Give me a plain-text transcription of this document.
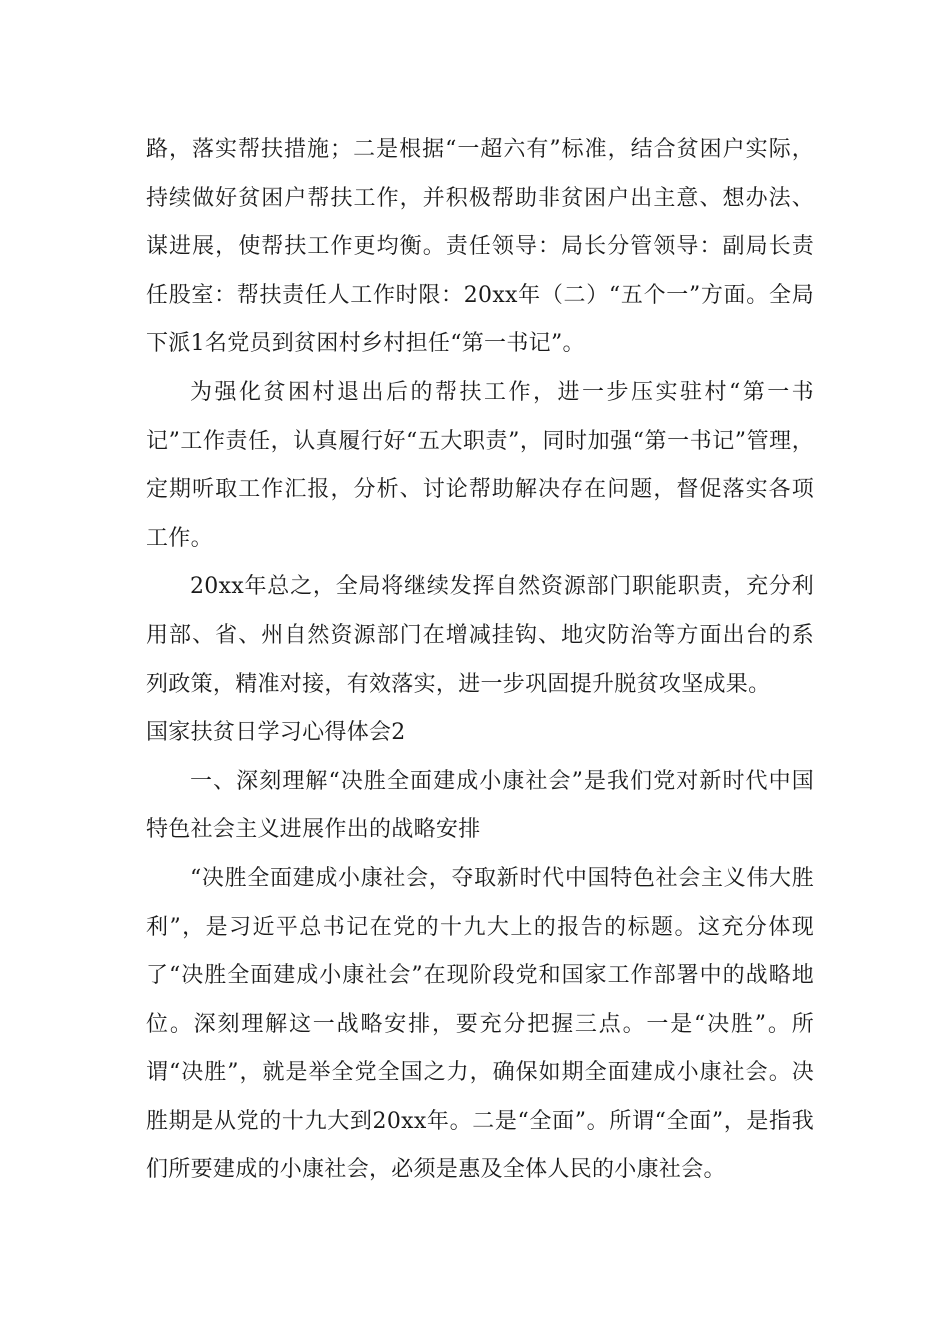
路，落实帮扶措施；二是根据“一超六有”标准，结合贫困户实际，持续做好贫困户帮扶工作，并积极帮助非贫困户出主意、想办法、谋进展，使帮扶工作更均衡。责任领导：局长分管领导：副局长责任股室：帮扶责任人工作时限：20xx年（二）“五个一”方面。全局下派1名党员到贫困村乡村担任“第一书记”。

为强化贫困村退出后的帮扶工作，进一步压实驻村“第一书记”工作责任，认真履行好“五大职责”，同时加强“第一书记”管理，定期听取工作汇报，分析、讨论帮助解决存在问题，督促落实各项工作。

20xx年总之，全局将继续发挥自然资源部门职能职责，充分利用部、省、州自然资源部门在增减挂钩、地灾防治等方面出台的系列政策，精准对接，有效落实，进一步巩固提升脱贫攻坚成果。

国家扶贫日学习心得体会2

一、深刻理解“决胜全面建成小康社会”是我们党对新时代中国特色社会主义进展作出的战略安排

“决胜全面建成小康社会，夺取新时代中国特色社会主义伟大胜利”，是习近平总书记在党的十九大上的报告的标题。这充分体现了“决胜全面建成小康社会”在现阶段党和国家工作部署中的战略地位。深刻理解这一战略安排，要充分把握三点。一是“决胜”。所谓“决胜”，就是举全党全国之力，确保如期全面建成小康社会。决胜期是从党的十九大到20xx年。二是“全面”。所谓“全面”，是指我们所要建成的小康社会，必须是惠及全体人民的小康社会。
